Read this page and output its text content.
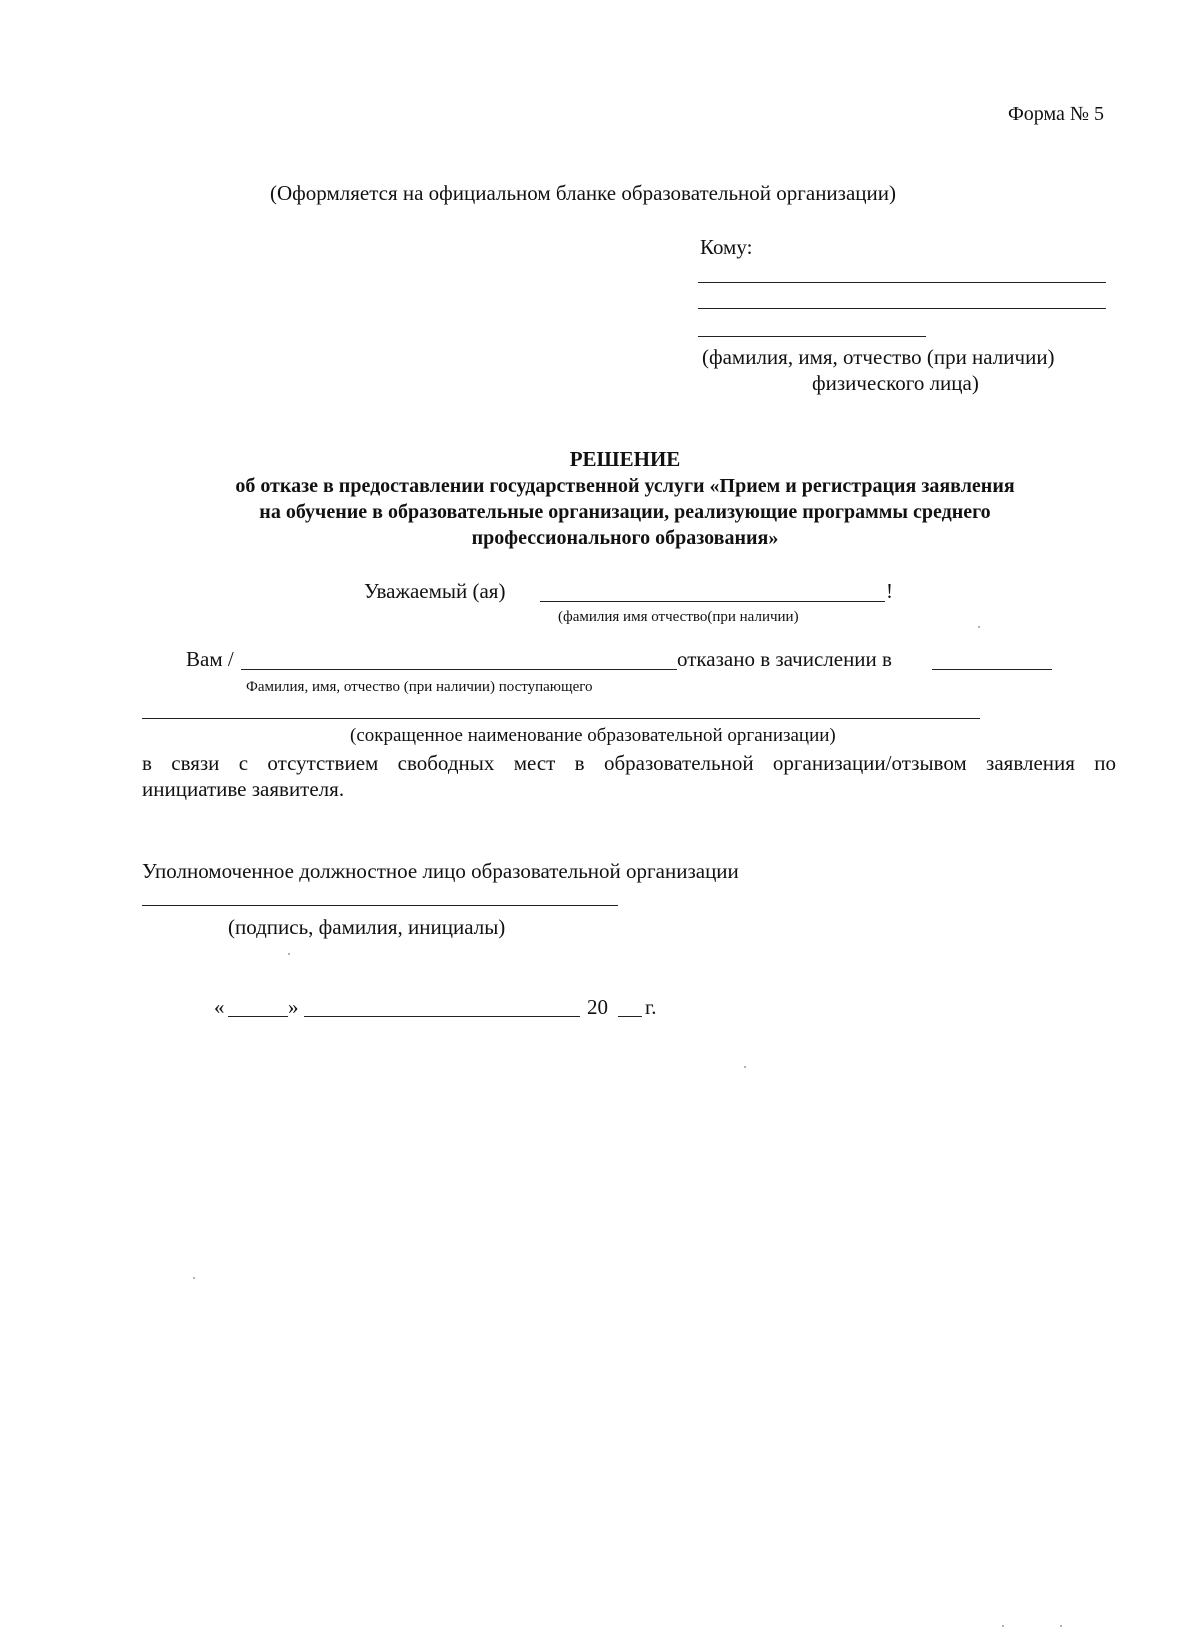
Форма № 5
(Оформляется на официальном бланке образовательной организации)
Кому:
(фамилия, имя, отчество (при наличии)
физического лица)
РЕШЕНИЕ
об отказе в предоставлении государственной услуги «Прием и регистрация заявления
на обучение в образовательные организации, реализующие программы среднего
профессионального образования»
Уважаемый (ая)	!
(фамилия имя отчество(при наличии)
Вам /	отказано в зачислении в
Фамилия, имя, отчество (при наличии) поступающего
(сокращенное наименование образовательной организации)
в связи с отсутствием свободных мест в образовательной организации/отзывом заявления по
инициативе заявителя.
Уполномоченное должностное лицо образовательной организации
(подпись, фамилия, инициалы)
«	»	20 г.
